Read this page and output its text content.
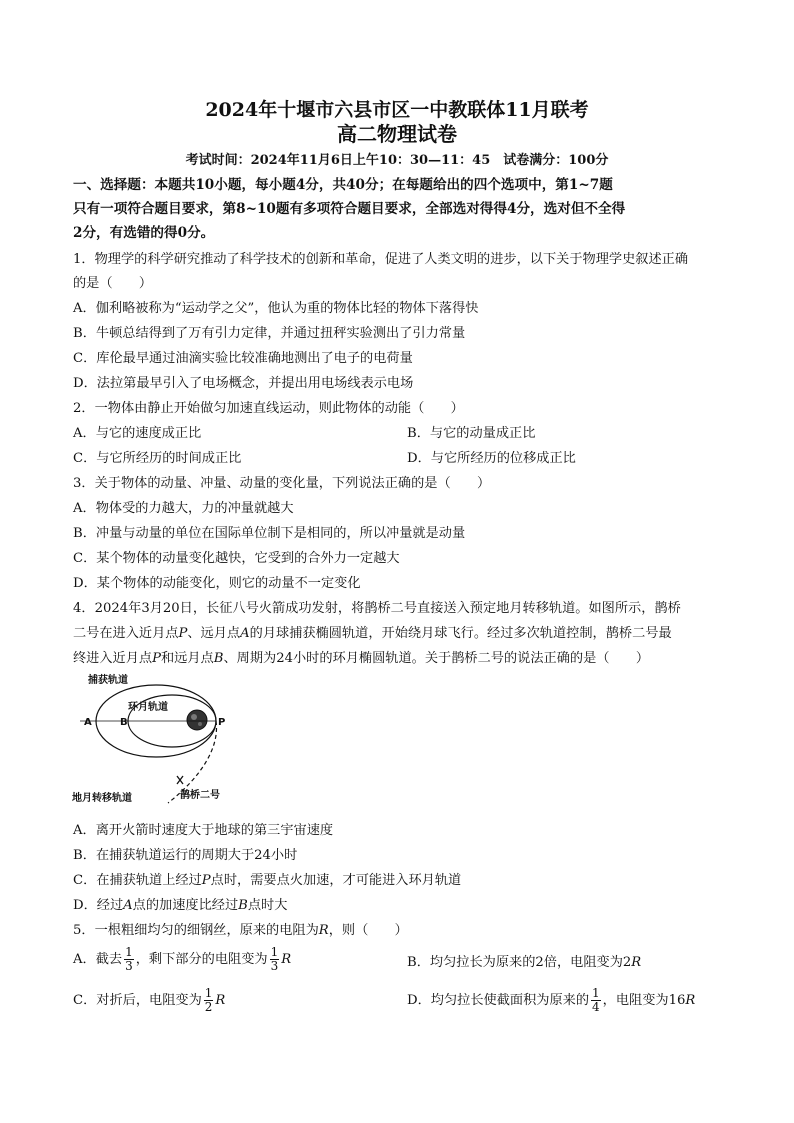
2024年十堰市六县市区一中教联体11月联考
高二物理试卷
考试时间：2024年11月6日上午10：30—11：45　试卷满分：100分
一、选择题：本题共10小题，每小题4分，共40分；在每题给出的四个选项中，第1~7题
只有一项符合题目要求，第8~10题有多项符合题目要求，全部选对得得4分，选对但不全得
2分，有选错的得0分。
1．物理学的科学研究推动了科学技术的创新和革命，促进了人类文明的进步，以下关于物理学史叙述正确
的是（　　）
A．伽利略被称为“运动学之父”，他认为重的物体比轻的物体下落得快
B．牛顿总结得到了万有引力定律，并通过扭秤实验测出了引力常量
C．库伦最早通过油滴实验比较准确地测出了电子的电荷量
D．法拉第最早引入了电场概念，并提出用电场线表示电场
2．一物体由静止开始做匀加速直线运动，则此物体的动能（　　）
A．与它的速度成正比	B．与它的动量成正比
C．与它所经历的时间成正比	D．与它所经历的位移成正比
3．关于物体的动量、冲量、动量的变化量，下列说法正确的是（　　）
A．物体受的力越大，力的冲量就越大
B．冲量与动量的单位在国际单位制下是相同的，所以冲量就是动量
C．某个物体的动量变化越快，它受到的合外力一定越大
D．某个物体的动能变化，则它的动量不一定变化
4．2024年3月20日，长征八号火箭成功发射，将鹊桥二号直接送入预定地月转移轨道。如图所示，鹊桥
二号在进入近月点P、远月点A的月球捕获椭圆轨道，开始绕月球飞行。经过多次轨道控制，鹊桥二号最
终进入近月点P和远月点B、周期为24小时的环月椭圆轨道。关于鹊桥二号的说法正确的是（　　）
捕获轨道
环月轨道
A	B	P
地月转移轨道	鹊桥二号
A．离开火箭时速度大于地球的第三宇宙速度
B．在捕获轨道运行的周期大于24小时
C．在捕获轨道上经过P点时，需要点火加速，才可能进入环月轨道
D．经过A点的加速度比经过B点时大
5．一根粗细均匀的细钢丝，原来的电阻为R，则（　　）
A．截去 $\frac{1}{3}$ ，剩下部分的电阻变为 $\frac{1}{3}$ R	B．均匀拉长为原来的2倍，电阻变为2R
C．对折后，电阻变为 $\frac{1}{2}$ R	D．均匀拉长使截面积为原来的 $\frac{1}{4}$ ，电阻变为16R
